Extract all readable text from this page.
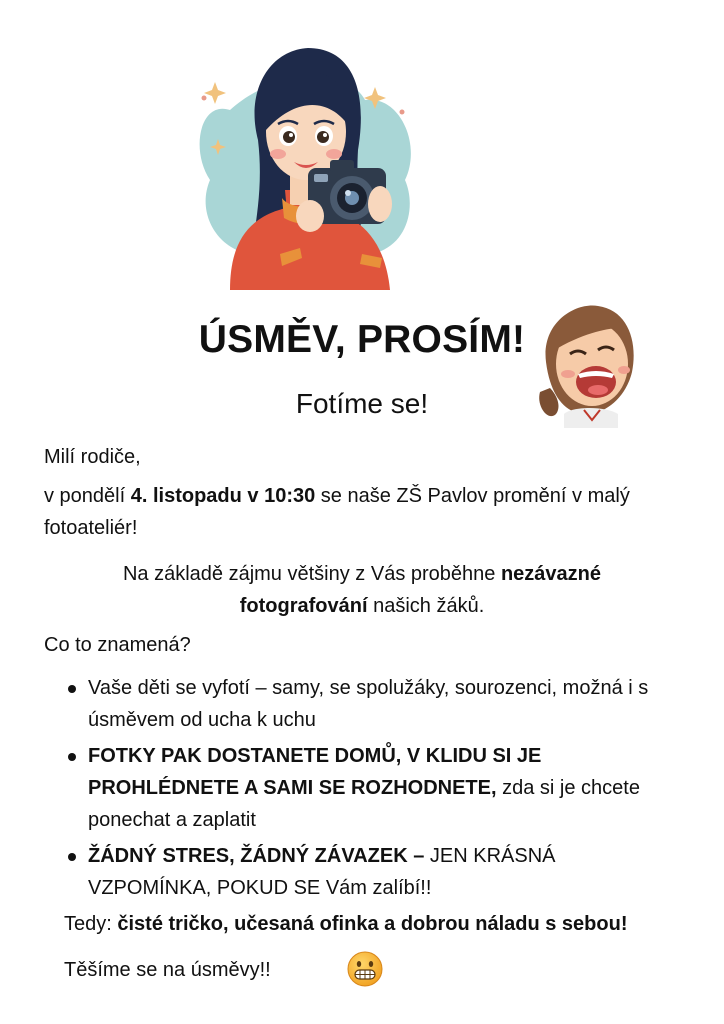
ÚSMĚV, PROSÍM!

Fotíme se!

Milí rodiče,

v pondělí 4. listopadu v 10:30 se naše ZŠ Pavlov promění v malý fotoateliér!

Na základě zájmu většiny z Vás proběhne nezávazné fotografování našich žáků.

Co to znamená?

Vaše děti se vyfotí – samy, se spolužáky, sourozenci, možná i s úsměvem od ucha k uchu
FOTKY PAK DOSTANETE DOMŮ, V KLIDU SI JE PROHLÉDNETE A SAMI SE ROZHODNETE, zda si je chcete ponechat a zaplatit
ŽÁDNÝ STRES, ŽÁDNÝ ZÁVAZEK – JEN KRÁSNÁ VZPOMÍNKA, POKUD SE Vám zalíbí!!

Tedy: čisté tričko, učesaná ofinka a dobrou náladu s sebou!

Těšíme se na úsměvy!!
